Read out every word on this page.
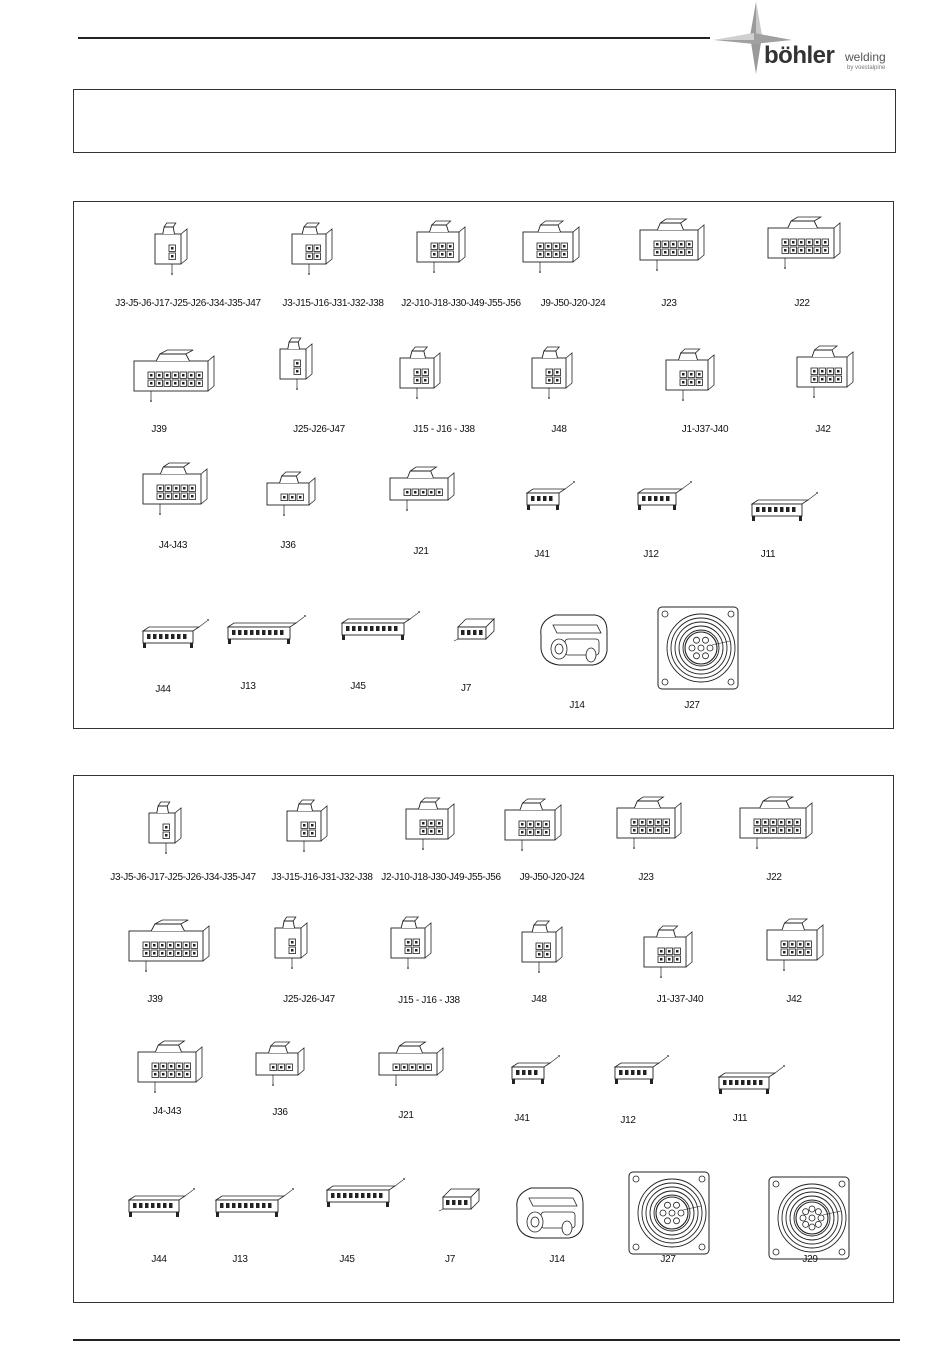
böhler welding
by voestalpine
J3-J5-J6-J17-J25-J26-J34-J35-J47 J3-J15-J16-J31-J32-J38 J2-J10-J18-J30-J49-J55-J56 J9-J50-J20-J24	J23	J22
J39	J25-J26-J47	J15 - J16 - J38	J48	J1-J37-J40	J42
J4-J43	J36
J21	J41	J12	J11
J44	J13	J45	J7
J14	J27
J3-J5-J6-J17-J25-J26-J34-J35-J47 J3-J15-J16-J31-J32-J38 J2-J10-J18-J30-J49-J55-J56 J9-J50-J20-J24	J23	J22
J39	J25-J26-J47	J15 - J16 - J38	J48	J1-J37-J40	J42
J4-J43	J36	J21	J41	J12	J11
J44	J13	J45	J7	J14	J27	J29
